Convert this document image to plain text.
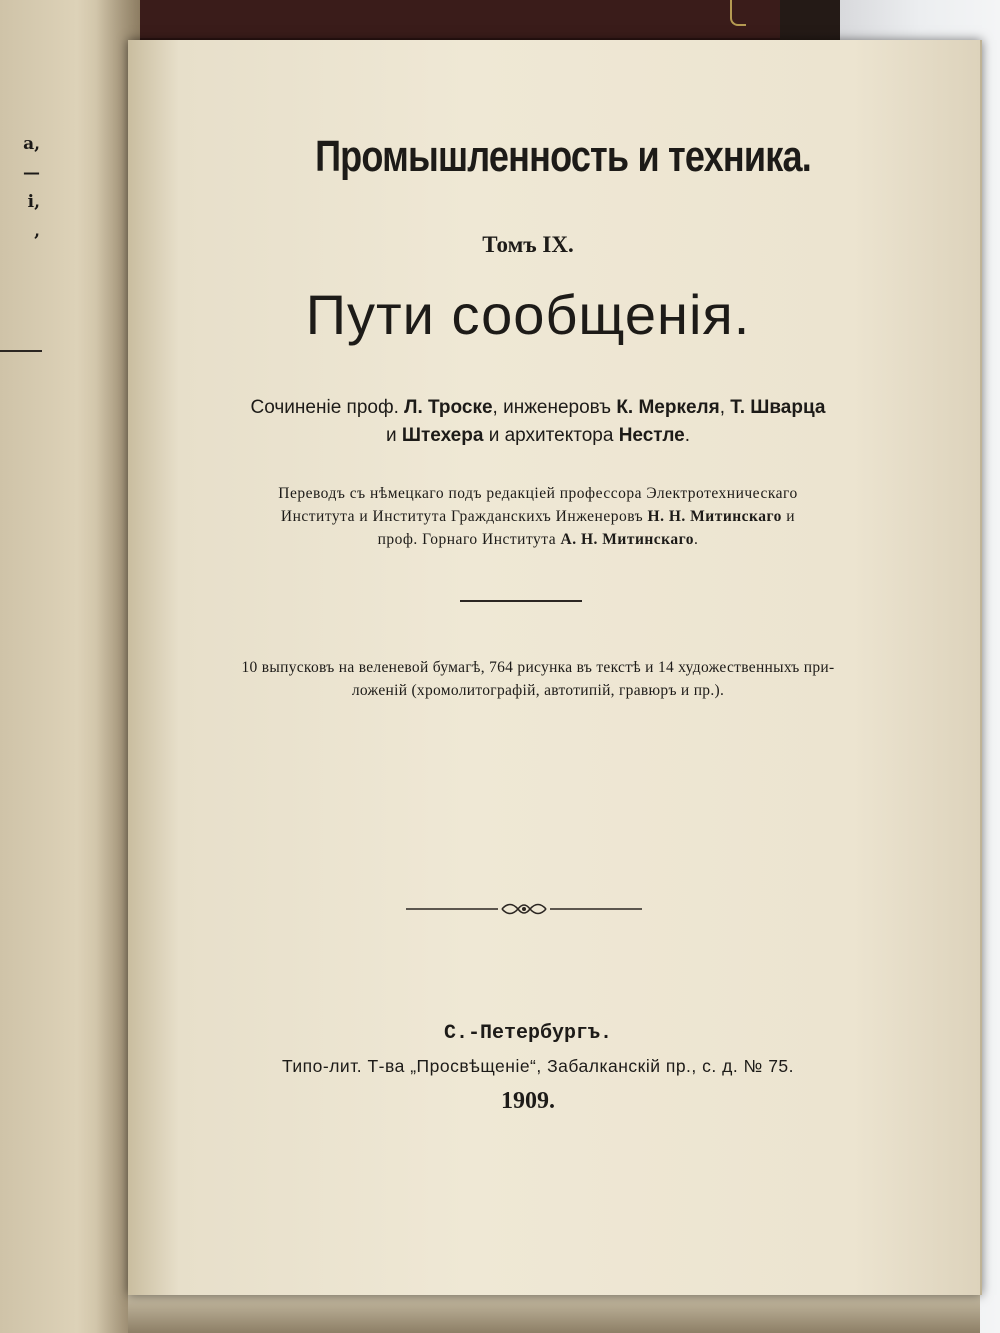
а,
—
і,
,
Промышленность и техника.
Томъ IX.
Пути сообщенія.
Сочиненіе проф. Л. Троске, инженеровъ К. Меркеля, Т. Шварца
и Штехера и архитектора Нестле.
Переводъ съ нѣмецкаго подъ редакціей профессора Электротехническаго
Института и Института Гражданскихъ Инженеровъ Н. Н. Митинскаго и
проф. Горнаго Института А. Н. Митинскаго.
10 выпусковъ на веленевой бумагѣ, 764 рисунка въ текстѣ и 14 художественныхъ при-
ложеній (хромолитографій, автотипій, гравюръ и пр.).
С.-Петербургъ.
Типо-лит. Т-ва „Просвѣщеніе“, Забалканскій пр., с. д. № 75.
1909.
